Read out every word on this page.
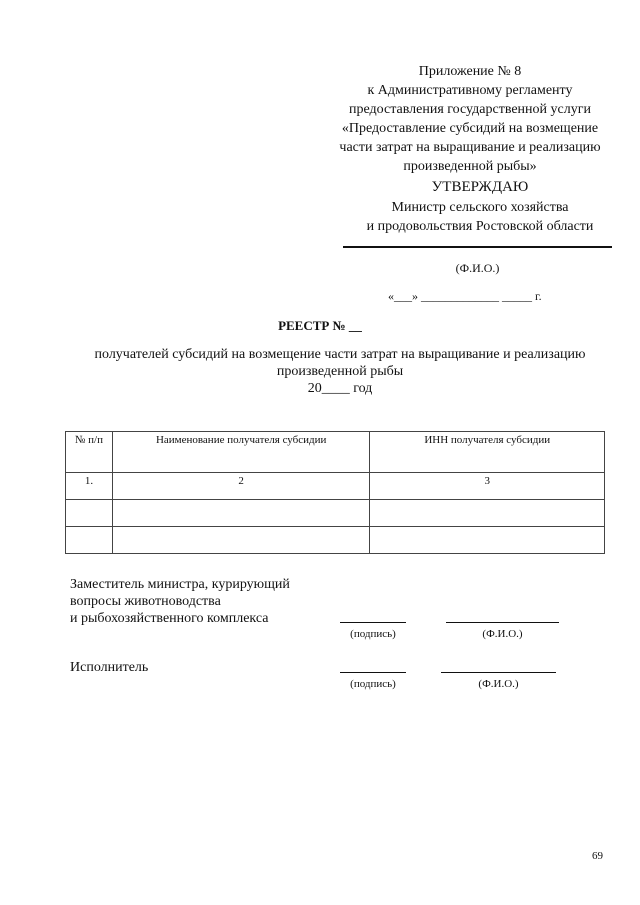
Приложение № 8
к Административному регламенту
предоставления государственной услуги
«Предоставление субсидий на возмещение
части затрат на выращивание и реализацию
произведенной рыбы»
УТВЕРЖДАЮ
Министр сельского хозяйства
и продовольствия Ростовской области
(Ф.И.О.)
«___» _____________ _____ г.
РЕЕСТР № __
получателей субсидий на возмещение части затрат на выращивание и реализацию
произведенной рыбы
20____ год
№ п/п	Наименование получателя субсидии	ИНН получателя субсидии
1.	2	3

Заместитель министра, курирующий
вопросы животноводства
и рыбохозяйственного комплекса
(подпись)	(Ф.И.О.)
Исполнитель
(подпись)	(Ф.И.О.)
69
